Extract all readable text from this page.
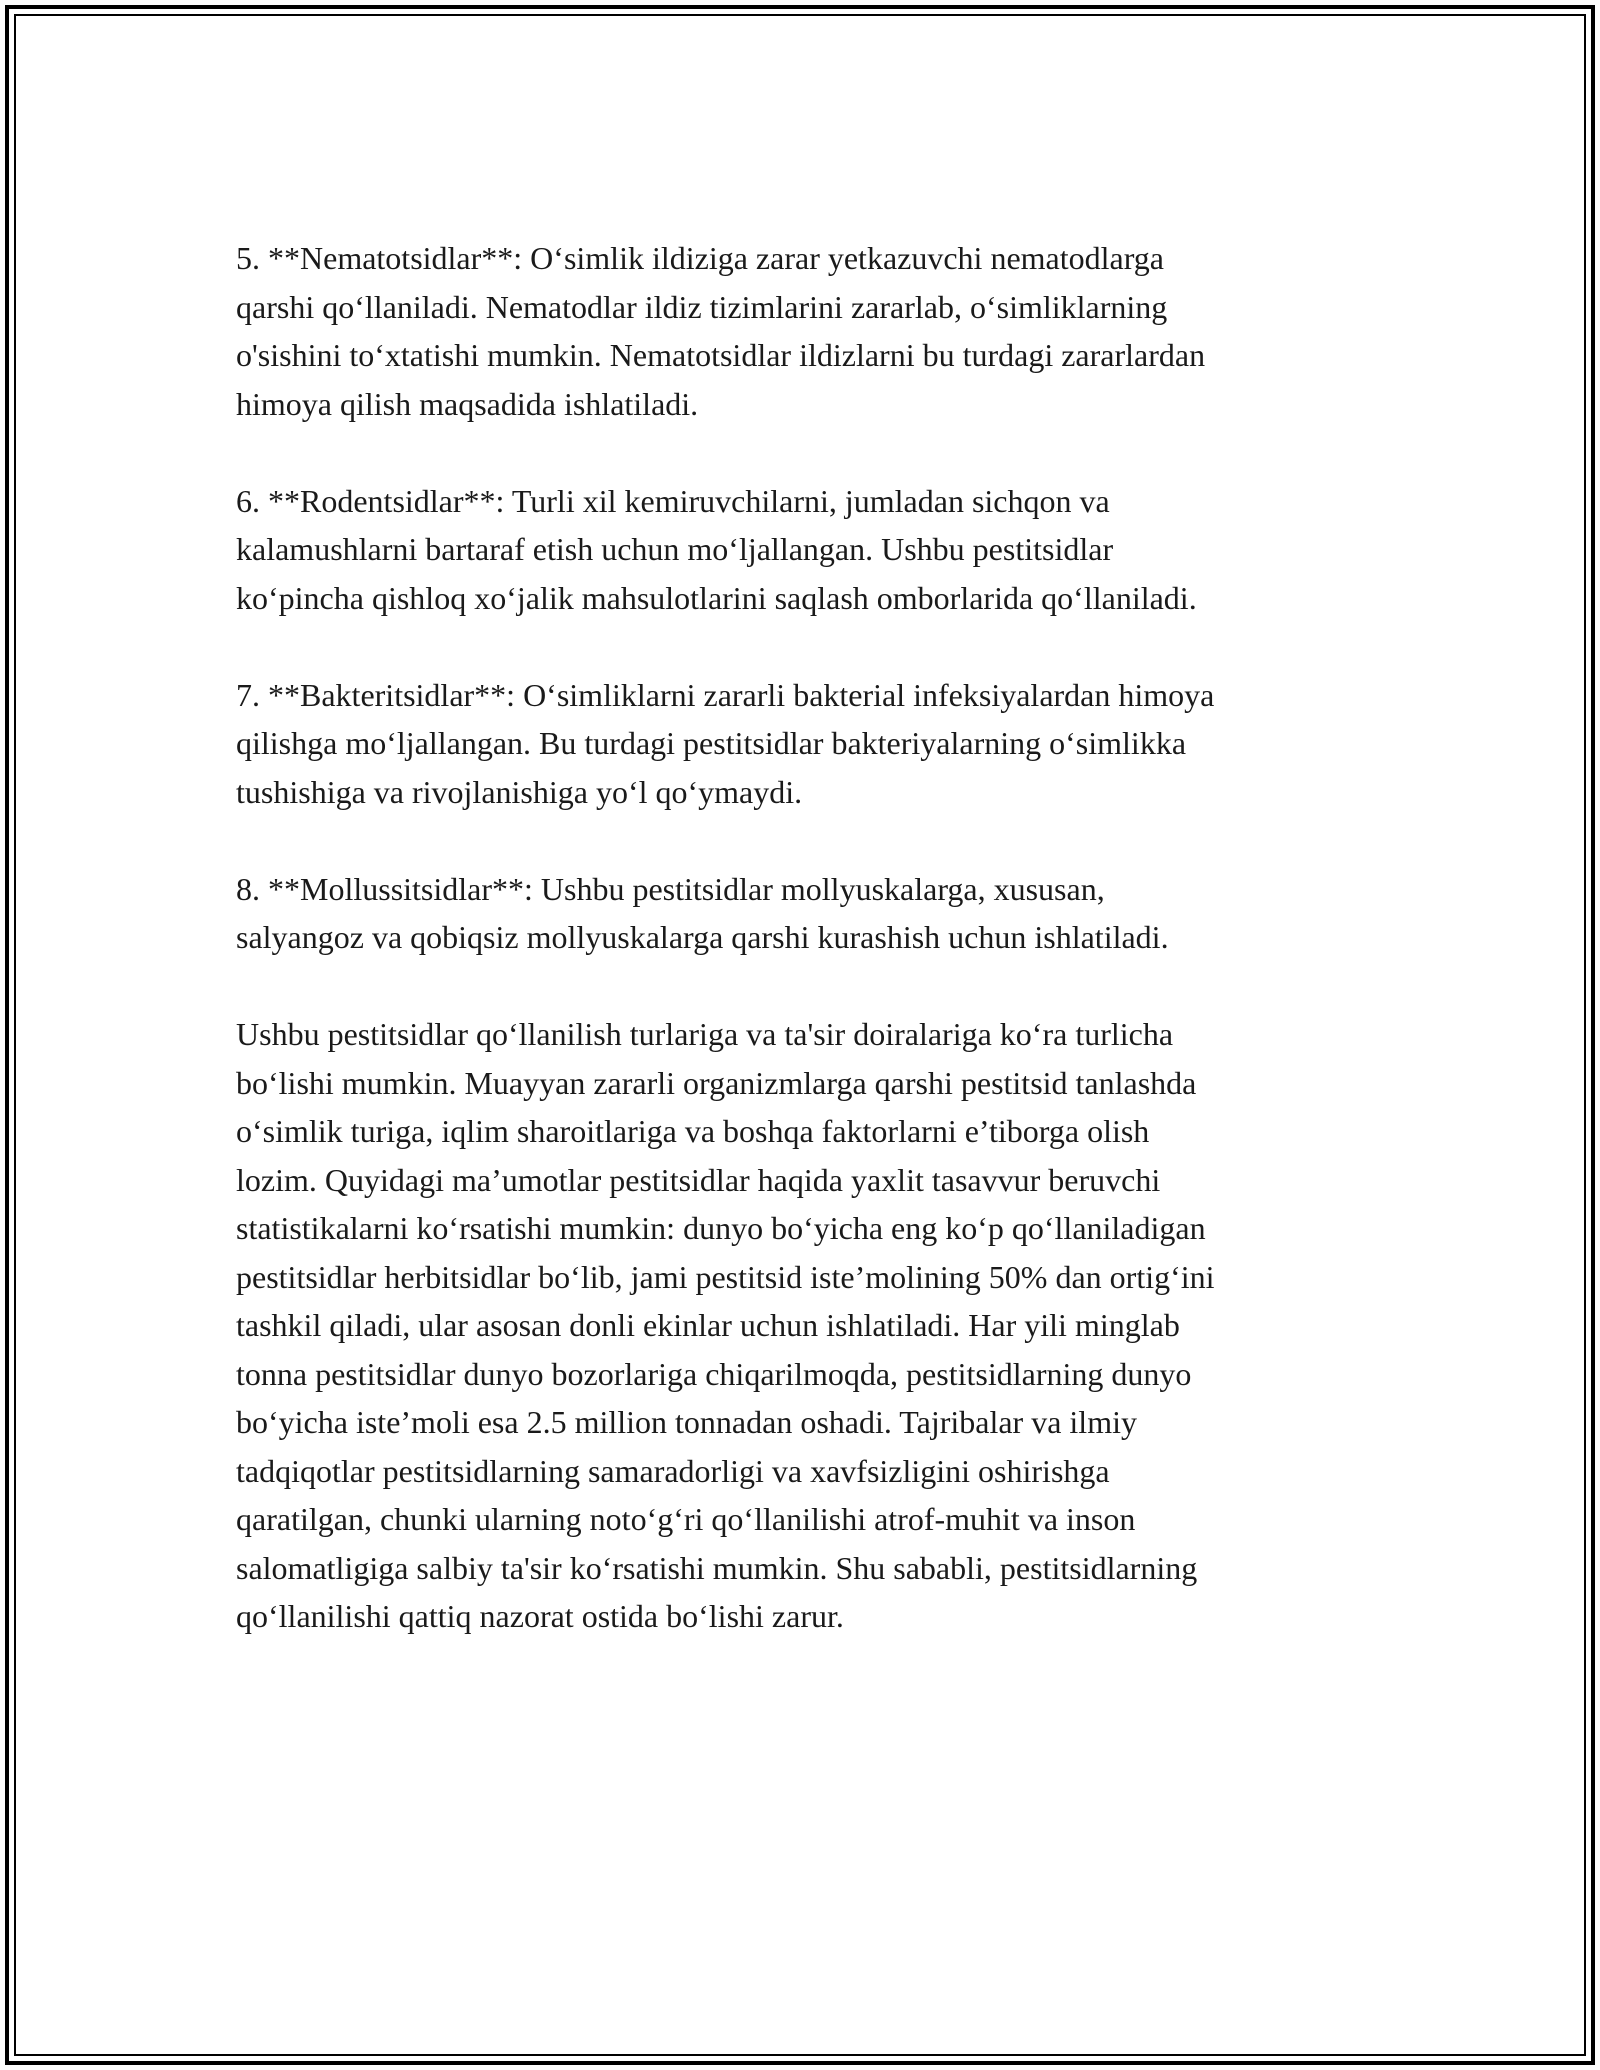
5. **Nematotsidlar**: O‘simlik ildiziga zarar yetkazuvchi nematodlarga
qarshi qo‘llaniladi. Nematodlar ildiz tizimlarini zararlab, o‘simliklarning
o'sishini to‘xtatishi mumkin. Nematotsidlar ildizlarni bu turdagi zararlardan
himoya qilish maqsadida ishlatiladi.

6. **Rodentsidlar**: Turli xil kemiruvchilarni, jumladan sichqon va
kalamushlarni bartaraf etish uchun mo‘ljallangan. Ushbu pestitsidlar
ko‘pincha qishloq xo‘jalik mahsulotlarini saqlash omborlarida qo‘llaniladi.

7. **Bakteritsidlar**: O‘simliklarni zararli bakterial infeksiyalardan himoya
qilishga mo‘ljallangan. Bu turdagi pestitsidlar bakteriyalarning o‘simlikka
tushishiga va rivojlanishiga yo‘l qo‘ymaydi.

8. **Mollussitsidlar**: Ushbu pestitsidlar mollyuskalarga, xususan,
salyangoz va qobiqsiz mollyuskalarga qarshi kurashish uchun ishlatiladi.

Ushbu pestitsidlar qo‘llanilish turlariga va ta'sir doiralariga ko‘ra turlicha
bo‘lishi mumkin. Muayyan zararli organizmlarga qarshi pestitsid tanlashda
o‘simlik turiga, iqlim sharoitlariga va boshqa faktorlarni e’tiborga olish
lozim. Quyidagi ma’umotlar pestitsidlar haqida yaxlit tasavvur beruvchi
statistikalarni ko‘rsatishi mumkin: dunyo bo‘yicha eng ko‘p qo‘llaniladigan
pestitsidlar herbitsidlar bo‘lib, jami pestitsid iste’molining 50% dan ortig‘ini
tashkil qiladi, ular asosan donli ekinlar uchun ishlatiladi. Har yili minglab
tonna pestitsidlar dunyo bozorlariga chiqarilmoqda, pestitsidlarning dunyo
bo‘yicha iste’moli esa 2.5 million tonnadan oshadi. Tajribalar va ilmiy
tadqiqotlar pestitsidlarning samaradorligi va xavfsizligini oshirishga
qaratilgan, chunki ularning noto‘g‘ri qo‘llanilishi atrof-muhit va inson
salomatligiga salbiy ta'sir ko‘rsatishi mumkin. Shu sababli, pestitsidlarning
qo‘llanilishi qattiq nazorat ostida bo‘lishi zarur.
